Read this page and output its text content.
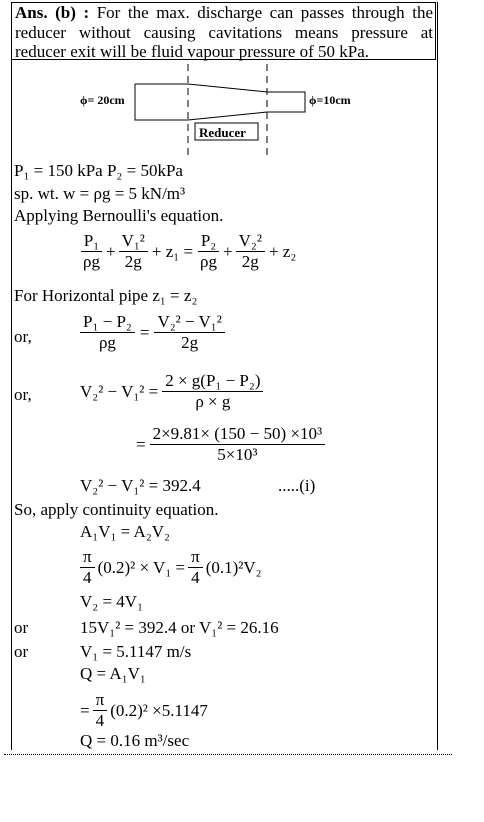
Ans. (b) : For the max. discharge can passes through the reducer without causing cavitations means pressure at reducer exit will be fluid vapour pressure of 50 kPa.
ϕ= 20cm
Reducer
ϕ=10cm
P₁ = 150 kPa P₂ = 50kPa
sp. wt. w = ρg = 5 kN/m³
Applying Bernoulli's equation.
$\frac{\text{P₁}}{\rho g} + \frac{\text{V₁²}}{2g} + z_1 = \frac{\text{P₂}}{\rho g} + \frac{\text{V₂²}}{2g} + z_2$
For Horizontal pipe z₁ = z₂
or,	$\frac{\text{P₁ − P₂}}{\rho g} = \frac{\text{V₂² − V₁²}}{2g}$
or,	$V_2^2 - V_1^2 = \frac{\text{2 × g(P₁ − P₂)}}{\rho \times g}$
= $\frac{\text{2×9.81× (150 − 50) ×10³}}{\text{5×10³}}$
V₂² − V₁² = 392.4	.....(i)
So, apply continuity equation.
A₁V₁ = A₂V₂
$\frac{\pi}{4} (0.2)^2 \times V_1 = \frac{\pi}{4} (0.1)^2V_2$
V₂ = 4V₁
or	15V₁² = 392.4 or V₁² = 26.16
or	V₁ = 5.1147 m/s
Q = A₁V₁
= $\frac{\pi}{4} (0.2)^2 \times 5.1147$
Q = 0.16 m³/sec
